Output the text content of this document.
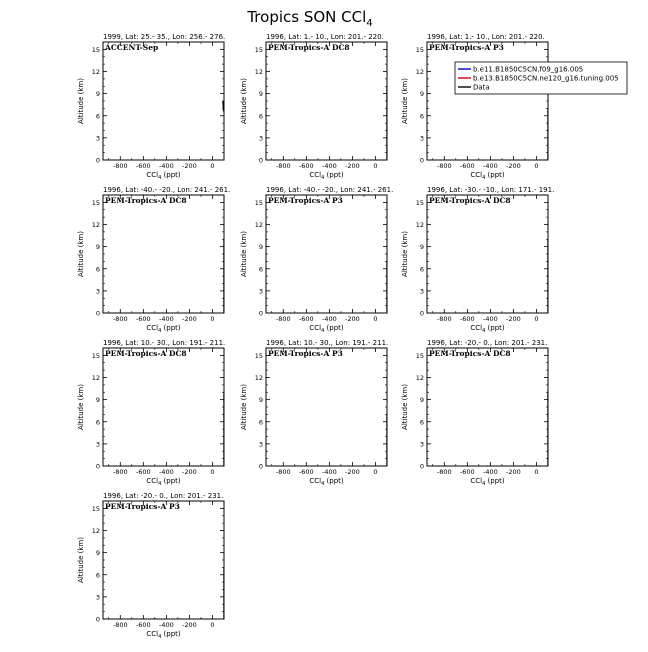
Tropics SON CCl$_4$
1999, Lat: 25.- 35., Lon: 256.- 276.
-800 -600 -400 -200 0
0
3
6
9
12
15
CCl$_4$ (ppt)
Altitude (km)
ACCENT-Sep
1996, Lat: 1.- 10., Lon: 201.- 220.
-800 -600 -400 -200 0
0
3
6
9
12
15
CCl$_4$ (ppt)
Altitude (km)
PEM-Tropics-A DC8
1996, Lat: 1.- 10., Lon: 201.- 220.
-800 -600 -400 -200 0
0
3
6
9
12
15
CCl$_4$ (ppt)
Altitude (km)
PEM-Tropics-A P3
b.e11.B1850C5CN.f09_g16.005
b.e13.B1850C5CN.ne120_g16.tuning.005
Data
1996, Lat: -40.- -20., Lon: 241.- 261.
-800 -600 -400 -200 0
0
3
6
9
12
15
CCl$_4$ (ppt)
Altitude (km)
PEM-Tropics-A DC8
1996, Lat: -40.- -20., Lon: 241.- 261.
-800 -600 -400 -200 0
0
3
6
9
12
15
CCl$_4$ (ppt)
Altitude (km)
PEM-Tropics-A P3
1996, Lat: -30.- -10., Lon: 171.- 191.
-800 -600 -400 -200 0
0
3
6
9
12
15
CCl$_4$ (ppt)
Altitude (km)
PEM-Tropics-A DC8
1996, Lat: 10.- 30., Lon: 191.- 211.
-800 -600 -400 -200 0
0
3
6
9
12
15
CCl$_4$ (ppt)
Altitude (km)
PEM-Tropics-A DC8
1996, Lat: 10.- 30., Lon: 191.- 211.
-800 -600 -400 -200 0
0
3
6
9
12
15
CCl$_4$ (ppt)
Altitude (km)
PEM-Tropics-A P3
1996, Lat: -20.- 0., Lon: 201.- 231.
-800 -600 -400 -200 0
0
3
6
9
12
15
CCl$_4$ (ppt)
Altitude (km)
PEM-Tropics-A DC8
1996, Lat: -20.- 0., Lon: 201.- 231.
-800 -600 -400 -200 0
0
3
6
9
12
15
CCl$_4$ (ppt)
Altitude (km)
PEM-Tropics-A P3
